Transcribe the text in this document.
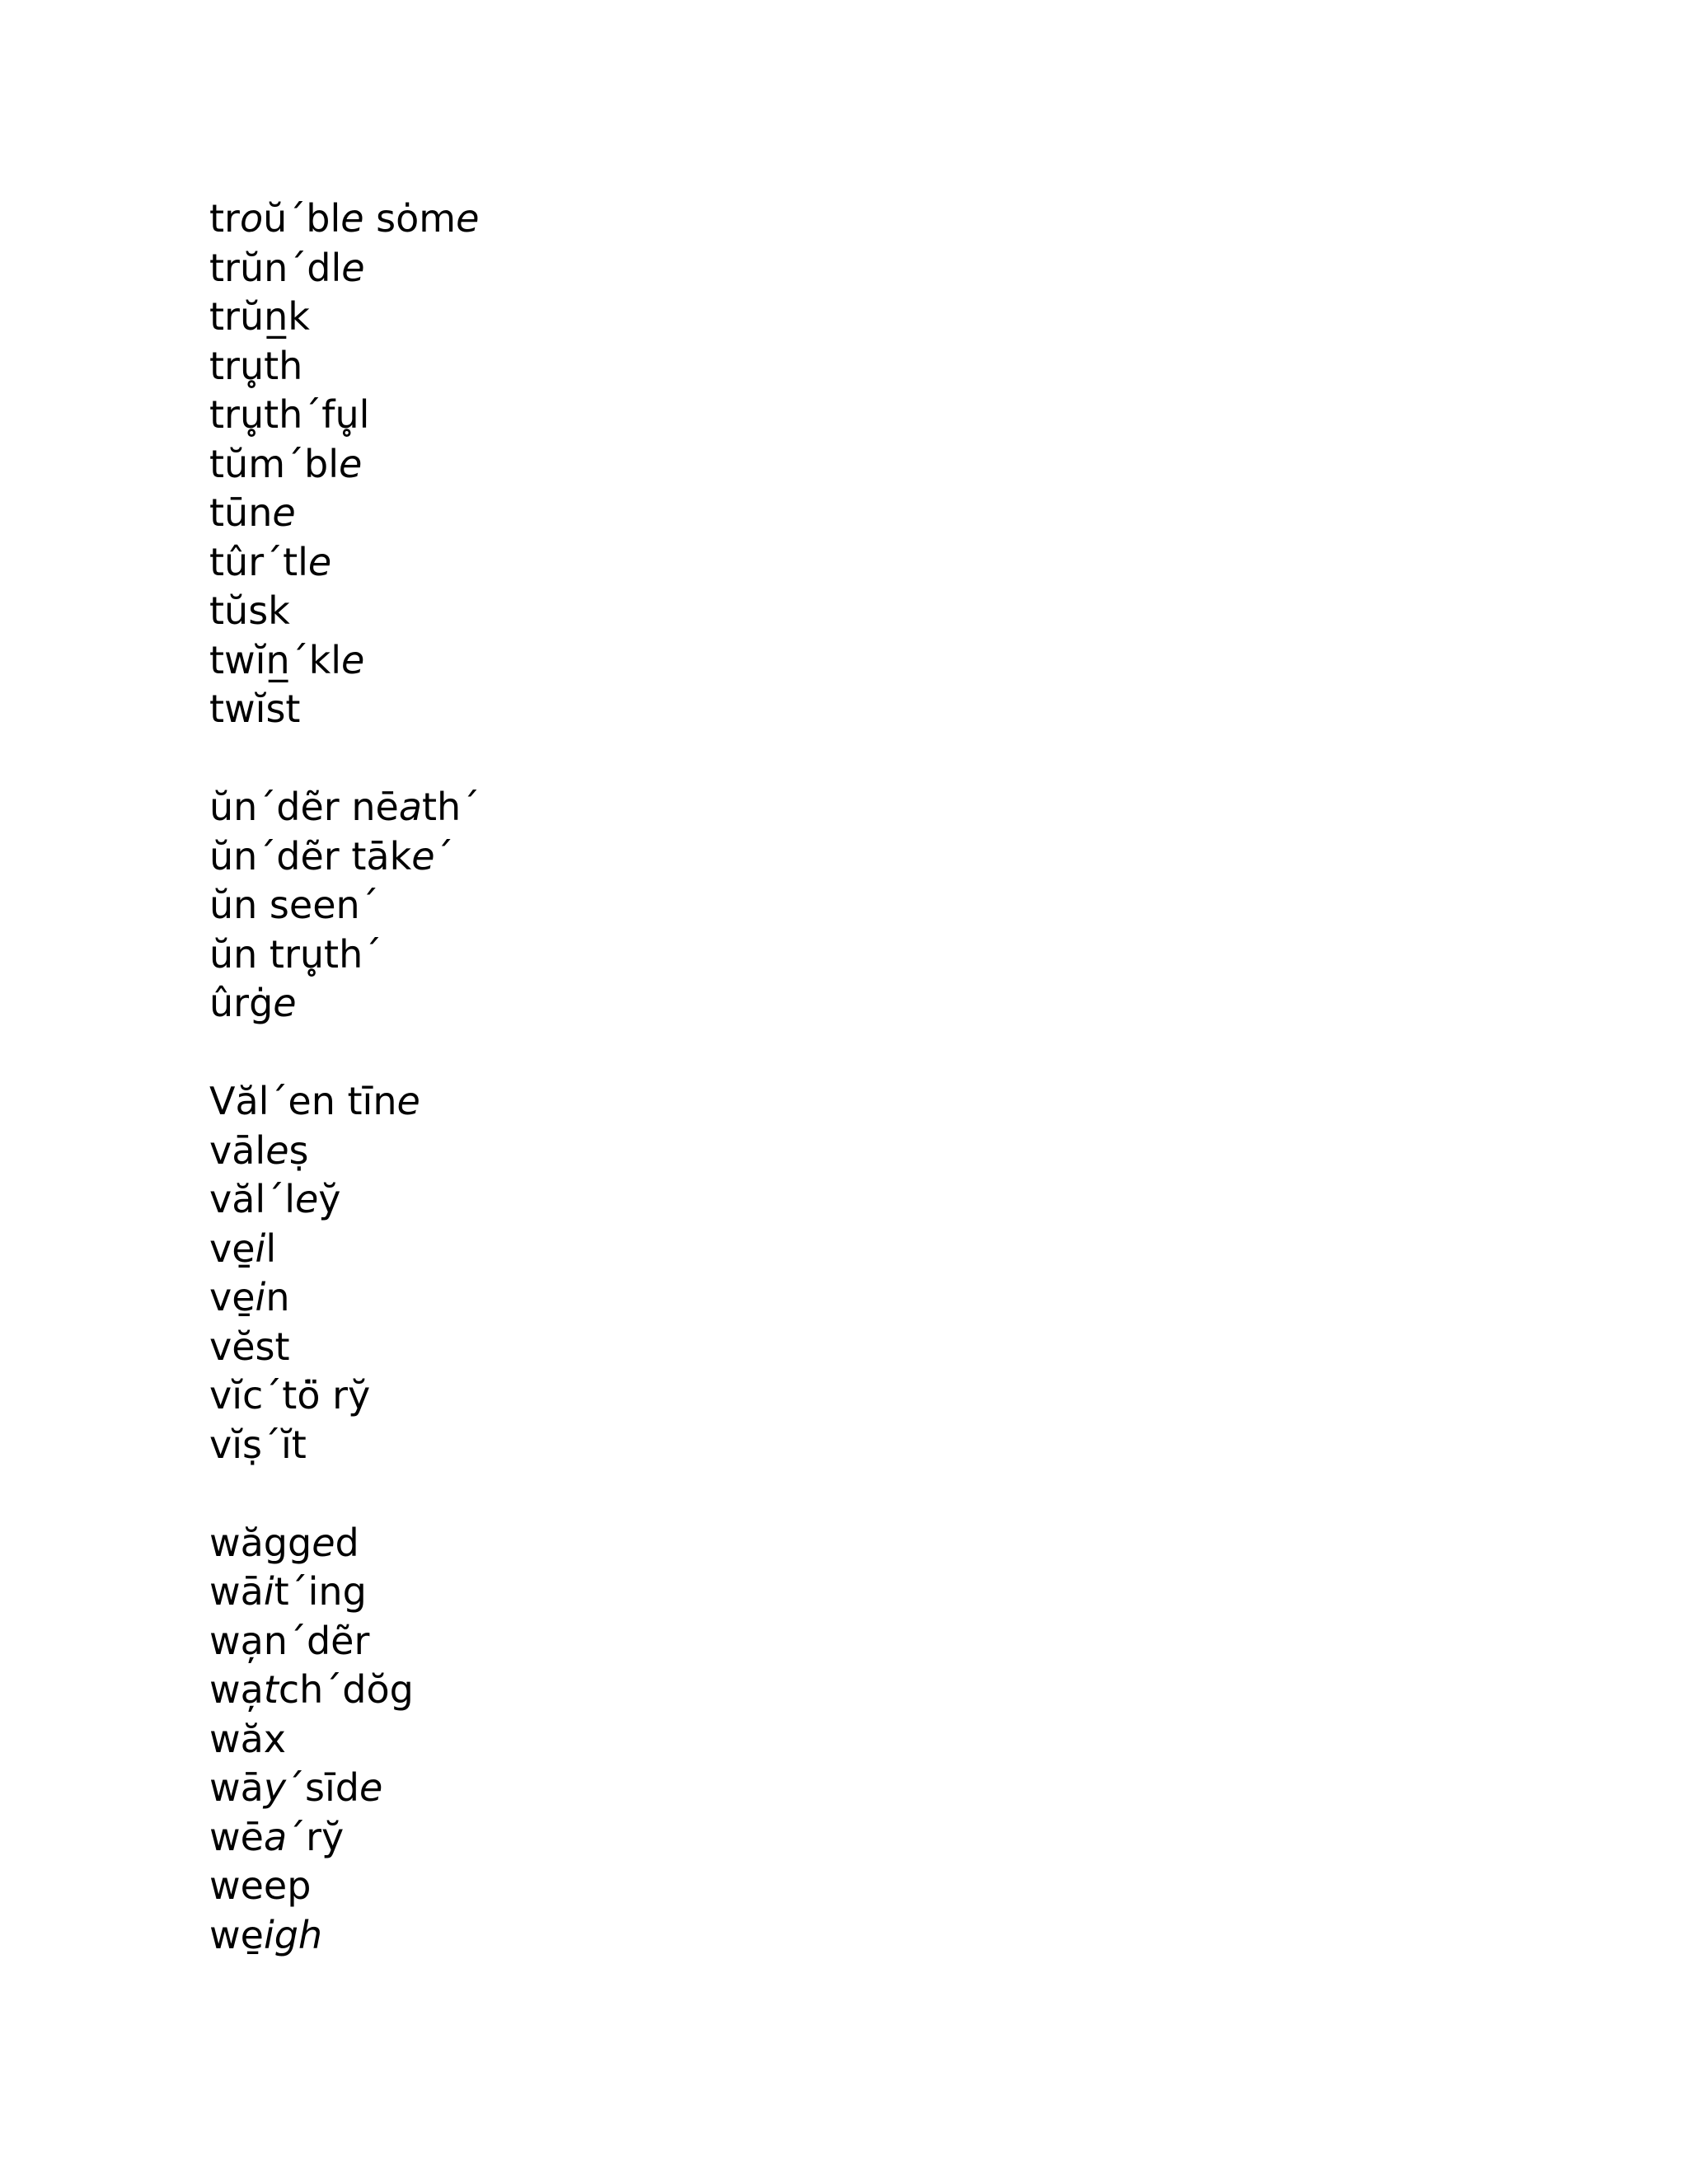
troŭ´ble sȯme
trŭn´dle
trŭn̲k
tru̥th
tru̥th´fu̥l
tŭm´ble
tūne
tûr´tle
tŭsk
twĭn̲´kle
twĭst
ŭn´dẽr nēath´
ŭn´dẽr tāke´
ŭn seen´
ŭn tru̥th´
ûrġe
Văl´en tīne
vāleṣ
văl´ley̆
ve̱il
ve̱in
vĕst
vĭc´tȯ̈ ry̆
vĭṣ´ĭt
wăgged
wāit´ing
wa̦n´dẽr
wa̦tch´dŏg
wăx
wāy´sīde
wēa´ry̆
weep
we̱igh
